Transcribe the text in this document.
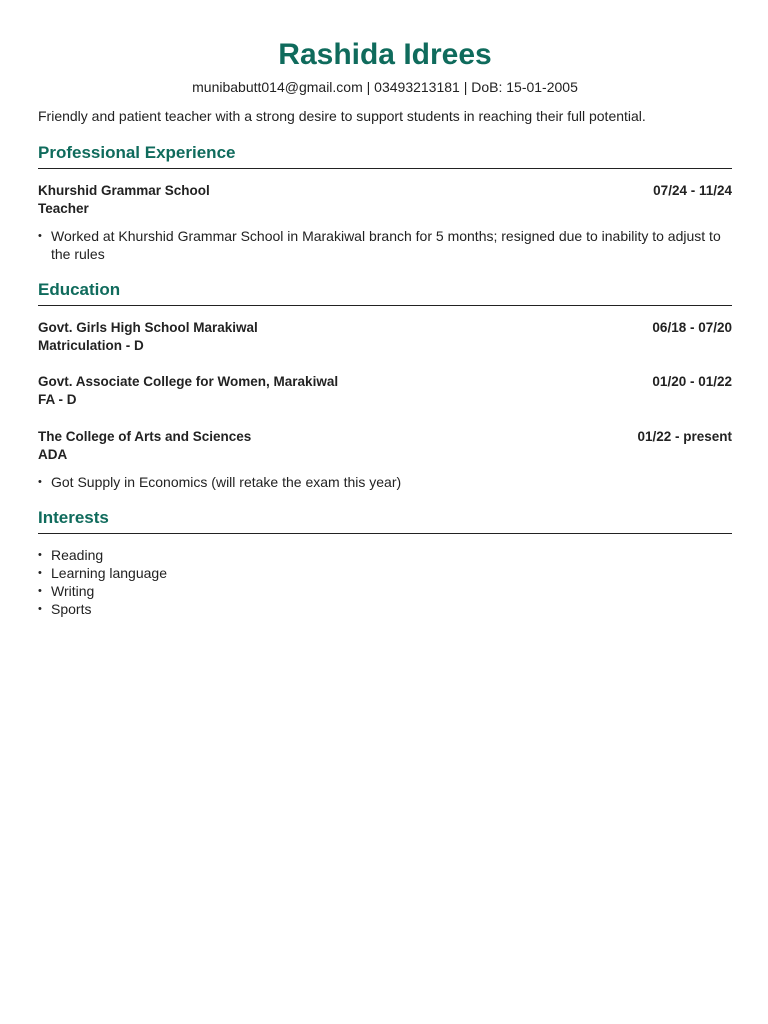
Rashida Idrees
munibabutt014@gmail.com | 03493213181 | DoB: 15-01-2005
Friendly and patient teacher with a strong desire to support students in reaching their full potential.
Professional Experience
Khurshid Grammar School	07/24 - 11/24
Teacher
• Worked at Khurshid Grammar School in Marakiwal branch for 5 months; resigned due to inability to adjust to the rules
Education
Govt. Girls High School Marakiwal	06/18 - 07/20
Matriculation - D
Govt. Associate College for Women, Marakiwal	01/20 - 01/22
FA - D
The College of Arts and Sciences	01/22 - present
ADA
• Got Supply in Economics (will retake the exam this year)
Interests
• Reading
• Learning language
• Writing
• Sports
